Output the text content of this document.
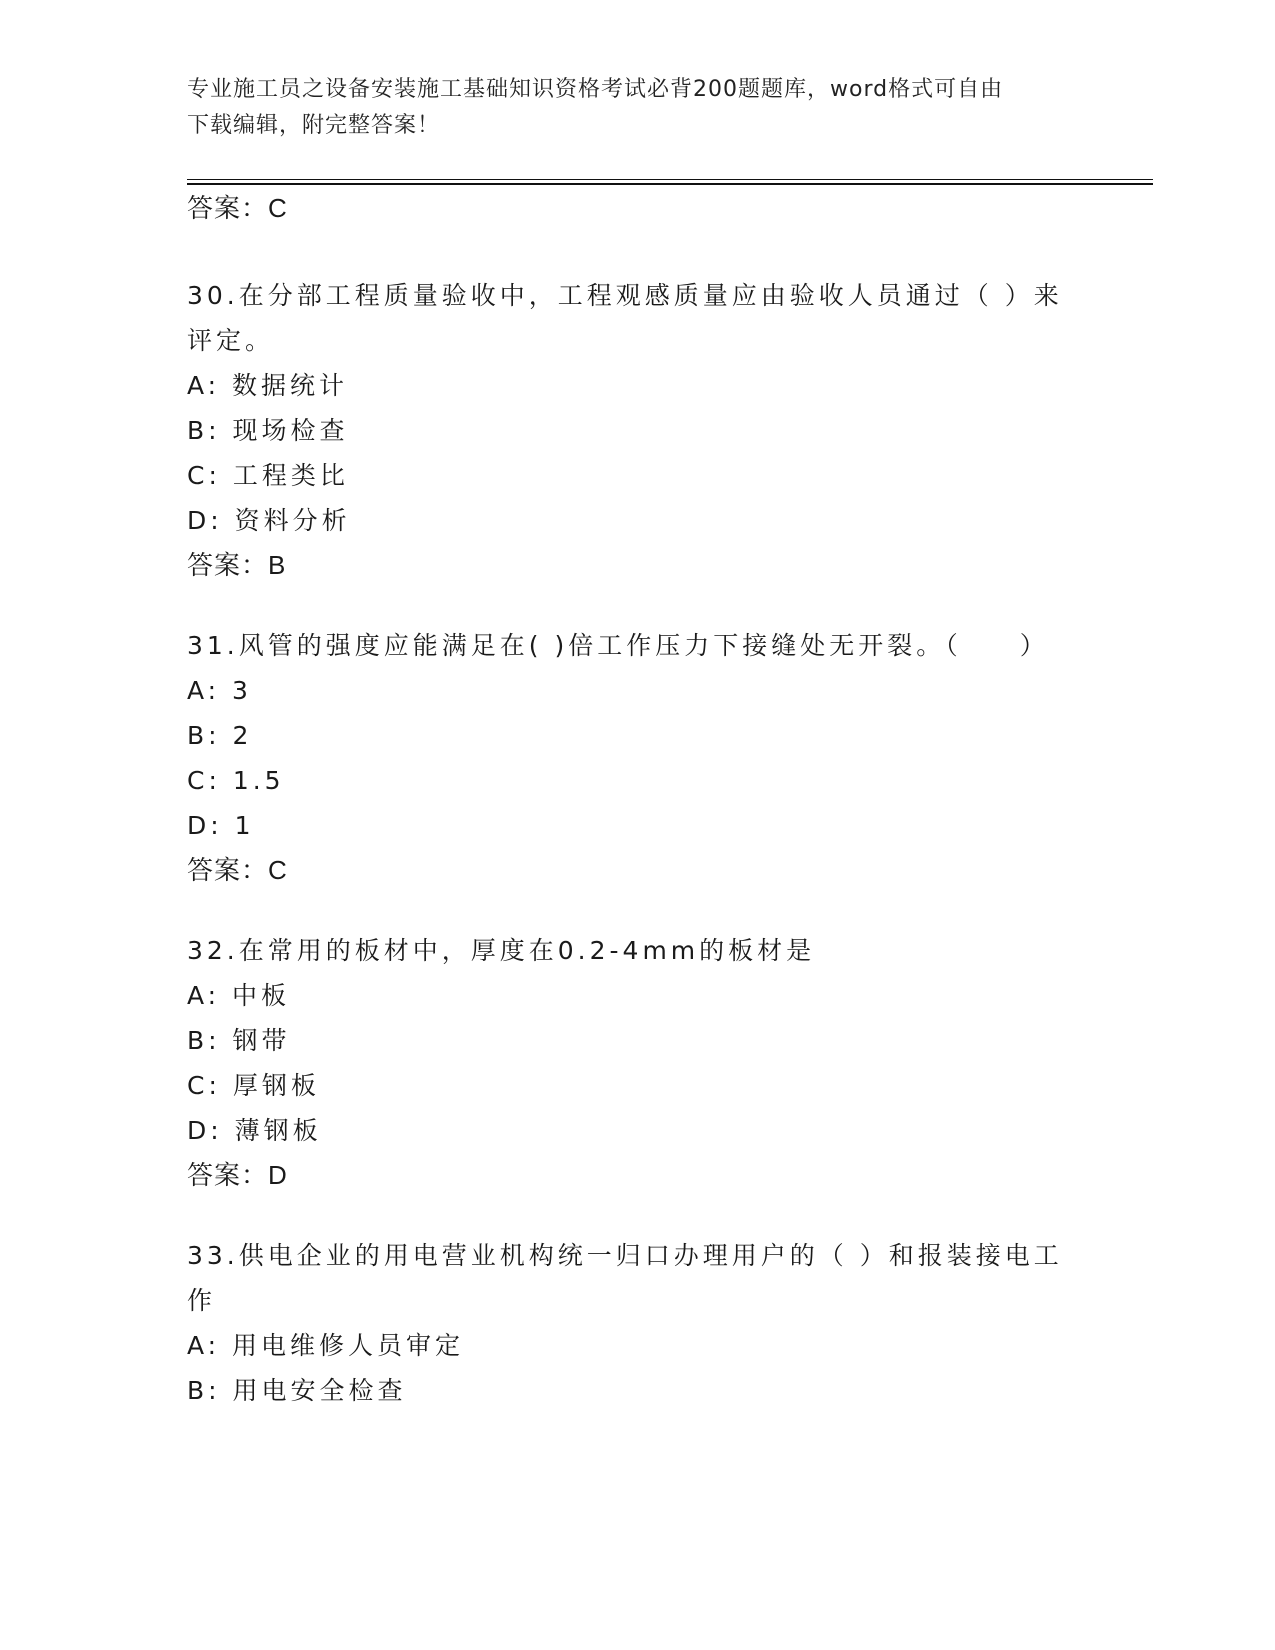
专业施工员之设备安装施工基础知识资格考试必背200题题库，word格式可自由
下载编辑，附完整答案！
答案：C
30.在分部工程质量验收中，工程观感质量应由验收人员通过（ ）来
评定。
A: 数据统计
B: 现场检查
C: 工程类比
D: 资料分析
答案：B
31.风管的强度应能满足在( )倍工作压力下接缝处无开裂。（　　）
A: 3
B: 2
C: 1.5
D: 1
答案：C
32.在常用的板材中，厚度在0.2-4mm的板材是
A: 中板
B: 钢带
C: 厚钢板
D: 薄钢板
答案：D
33.供电企业的用电营业机构统一归口办理用户的（ ）和报装接电工
作
A: 用电维修人员审定
B: 用电安全检查
